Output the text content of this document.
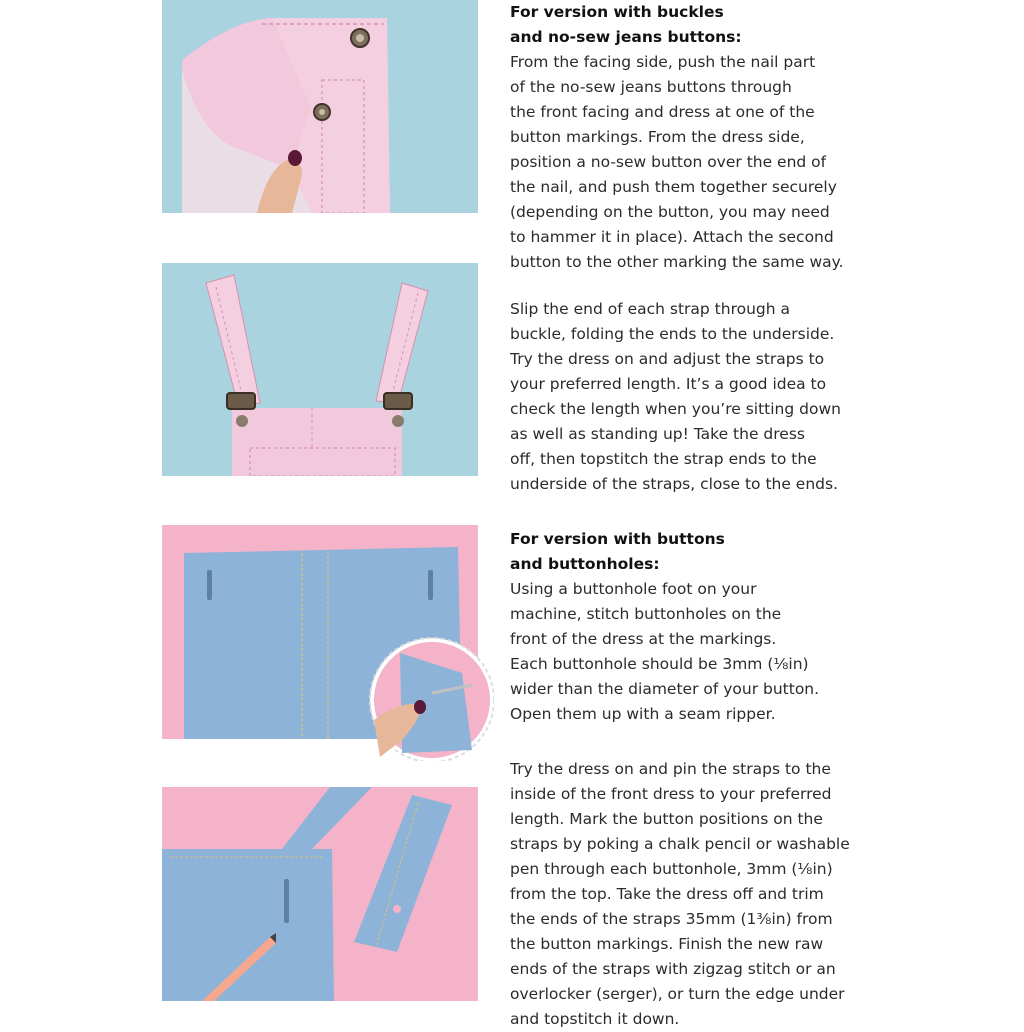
For version with buckles
and no-sew jeans buttons:

From the facing side, push the nail part
of the no-sew jeans buttons through
the front facing and dress at one of the
button markings. From the dress side,
position a no-sew button over the end of
the nail, and push them together securely
(depending on the button, you may need
to hammer it in place). Attach the second
button to the other marking the same way.

Slip the end of each strap through a
buckle, folding the ends to the underside.
Try the dress on and adjust the straps to
your preferred length. It’s a good idea to
check the length when you’re sitting down
as well as standing up! Take the dress
off, then topstitch the strap ends to the
underside of the straps, close to the ends.

For version with buttons
and buttonholes:

Using a buttonhole foot on your
machine, stitch buttonholes on the
front of the dress at the markings.
Each buttonhole should be 3mm (⅛in)
wider than the diameter of your button.
Open them up with a seam ripper.

Try the dress on and pin the straps to the
inside of the front dress to your preferred
length. Mark the button positions on the
straps by poking a chalk pencil or washable
pen through each buttonhole, 3mm (⅛in)
from the top. Take the dress off and trim
the ends of the straps 35mm (1⅜in) from
the button markings. Finish the new raw
ends of the straps with zigzag stitch or an
overlocker (serger), or turn the edge under
and topstitch it down.
